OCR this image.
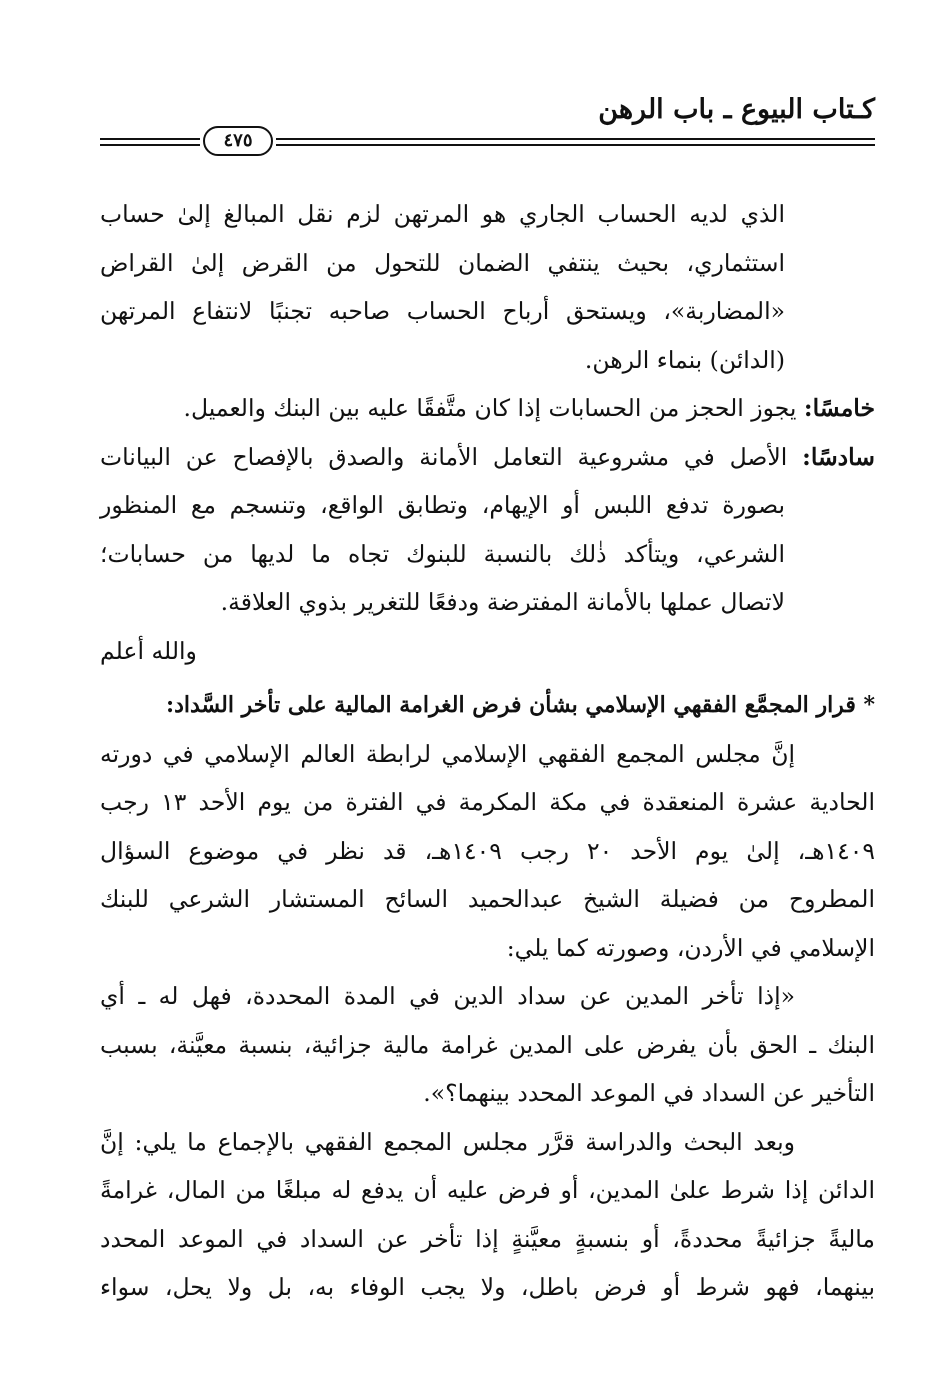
كـتاب البيوع ـ باب الرهن
٤٧٥
الذي لديه الحساب الجاري هو المرتهن لزم نقل المبالغ إلىٰ حساب
استثماري، بحيث ينتفي الضمان للتحول من القرض إلىٰ القراض
«المضاربة»، ويستحق أرباح الحساب صاحبه تجنبًا لانتفاع المرتهن
(الدائن) بنماء الرهن.
خامسًا: يجوز الحجز من الحسابات إذا كان متَّفقًا عليه بين البنك والعميل.
سادسًا: الأصل في مشروعية التعامل الأمانة والصدق بالإفصاح عن البيانات
بصورة تدفع اللبس أو الإيهام، وتطابق الواقع، وتنسجم مع المنظور
الشرعي، ويتأكد ذٰلك بالنسبة للبنوك تجاه ما لديها من حسابات؛
لاتصال عملها بالأمانة المفترضة ودفعًا للتغرير بذوي العلاقة.
والله أعلم
* قرار المجمَّع الفقهي الإسلامي بشأن فرض الغرامة المالية على تأخر السَّداد:
إنَّ مجلس المجمع الفقهي الإسلامي لرابطة العالم الإسلامي في دورته
الحادية عشرة المنعقدة في مكة المكرمة في الفترة من يوم الأحد ١٣ رجب
١٤٠٩هـ، إلىٰ يوم الأحد ٢٠ رجب ١٤٠٩هـ، قد نظر في موضوع السؤال
المطروح من فضيلة الشيخ عبدالحميد السائح المستشار الشرعي للبنك
الإسلامي في الأردن، وصورته كما يلي:
«إذا تأخر المدين عن سداد الدين في المدة المحددة، فهل له ـ أي
البنك ـ الحق بأن يفرض على المدين غرامة مالية جزائية، بنسبة معيَّنة، بسبب
التأخير عن السداد في الموعد المحدد بينهما؟».
وبعد البحث والدراسة قرَّر مجلس المجمع الفقهي بالإجماع ما يلي: إنَّ
الدائن إذا شرط علىٰ المدين، أو فرض عليه أن يدفع له مبلغًا من المال، غرامةً
ماليةً جزائيةً محددةً، أو بنسبةٍ معيَّنةٍ إذا تأخر عن السداد في الموعد المحدد
بينهما، فهو شرط أو فرض باطل، ولا يجب الوفاء به، بل ولا يحل، سواء
